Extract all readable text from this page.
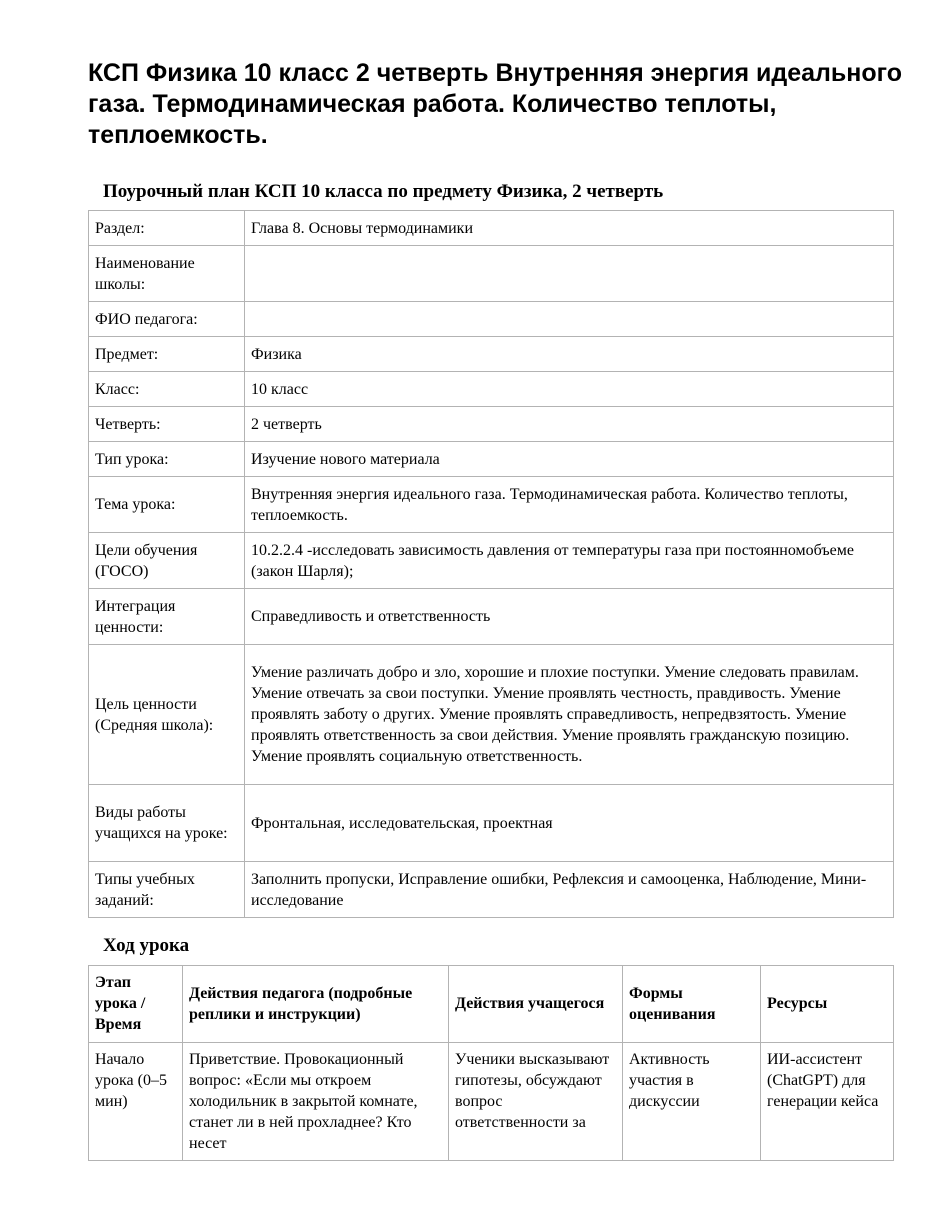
КСП Физика 10 класс 2 четверть Внутренняя энергия идеального газа. Термодинамическая работа. Количество теплоты, теплоемкость.
Поурочный план КСП 10 класса по предмету Физика, 2 четверть
Раздел:	Глава 8. Основы термодинамики
Наименование школы:	
ФИО педагога:	
Предмет:	Физика
Класс:	10 класс
Четверть:	2 четверть
Тип урока:	Изучение нового материала
Тема урока:	Внутренняя энергия идеального газа. Термодинамическая работа. Количество теплоты, теплоемкость.
Цели обучения (ГОСО)	10.2.2.4 -исследовать зависимость давления от температуры газа при постоянномобъеме (закон Шарля);
Интеграция ценности:	Справедливость и ответственность
Цель ценности (Средняя школа):	Умение различать добро и зло, хорошие и плохие поступки. Умение следовать правилам. Умение отвечать за свои поступки. Умение проявлять честность, правдивость. Умение проявлять заботу о других. Умение проявлять справедливость, непредвзятость. Умение проявлять ответственность за свои действия. Умение проявлять гражданскую позицию. Умение проявлять социальную ответственность.
Виды работы учащихся на уроке:	Фронтальная, исследовательская, проектная
Типы учебных заданий:	Заполнить пропуски, Исправление ошибки, Рефлексия и самооценка, Наблюдение, Мини-исследование
Ход урока
Этап урока / Время	Действия педагога (подробные реплики и инструкции)	Действия учащегося	Формы оценивания	Ресурсы

Начало урока (0–5 мин)	Приветствие. Провокационный вопрос: «Если мы откроем холодильник в закрытой комнате, станет ли в ней прохладнее? Кто несет	Ученики высказывают гипотезы, обсуждают вопрос ответственности за	Активность участия в дискуссии	ИИ-ассистент (ChatGPT) для генерации кейса
